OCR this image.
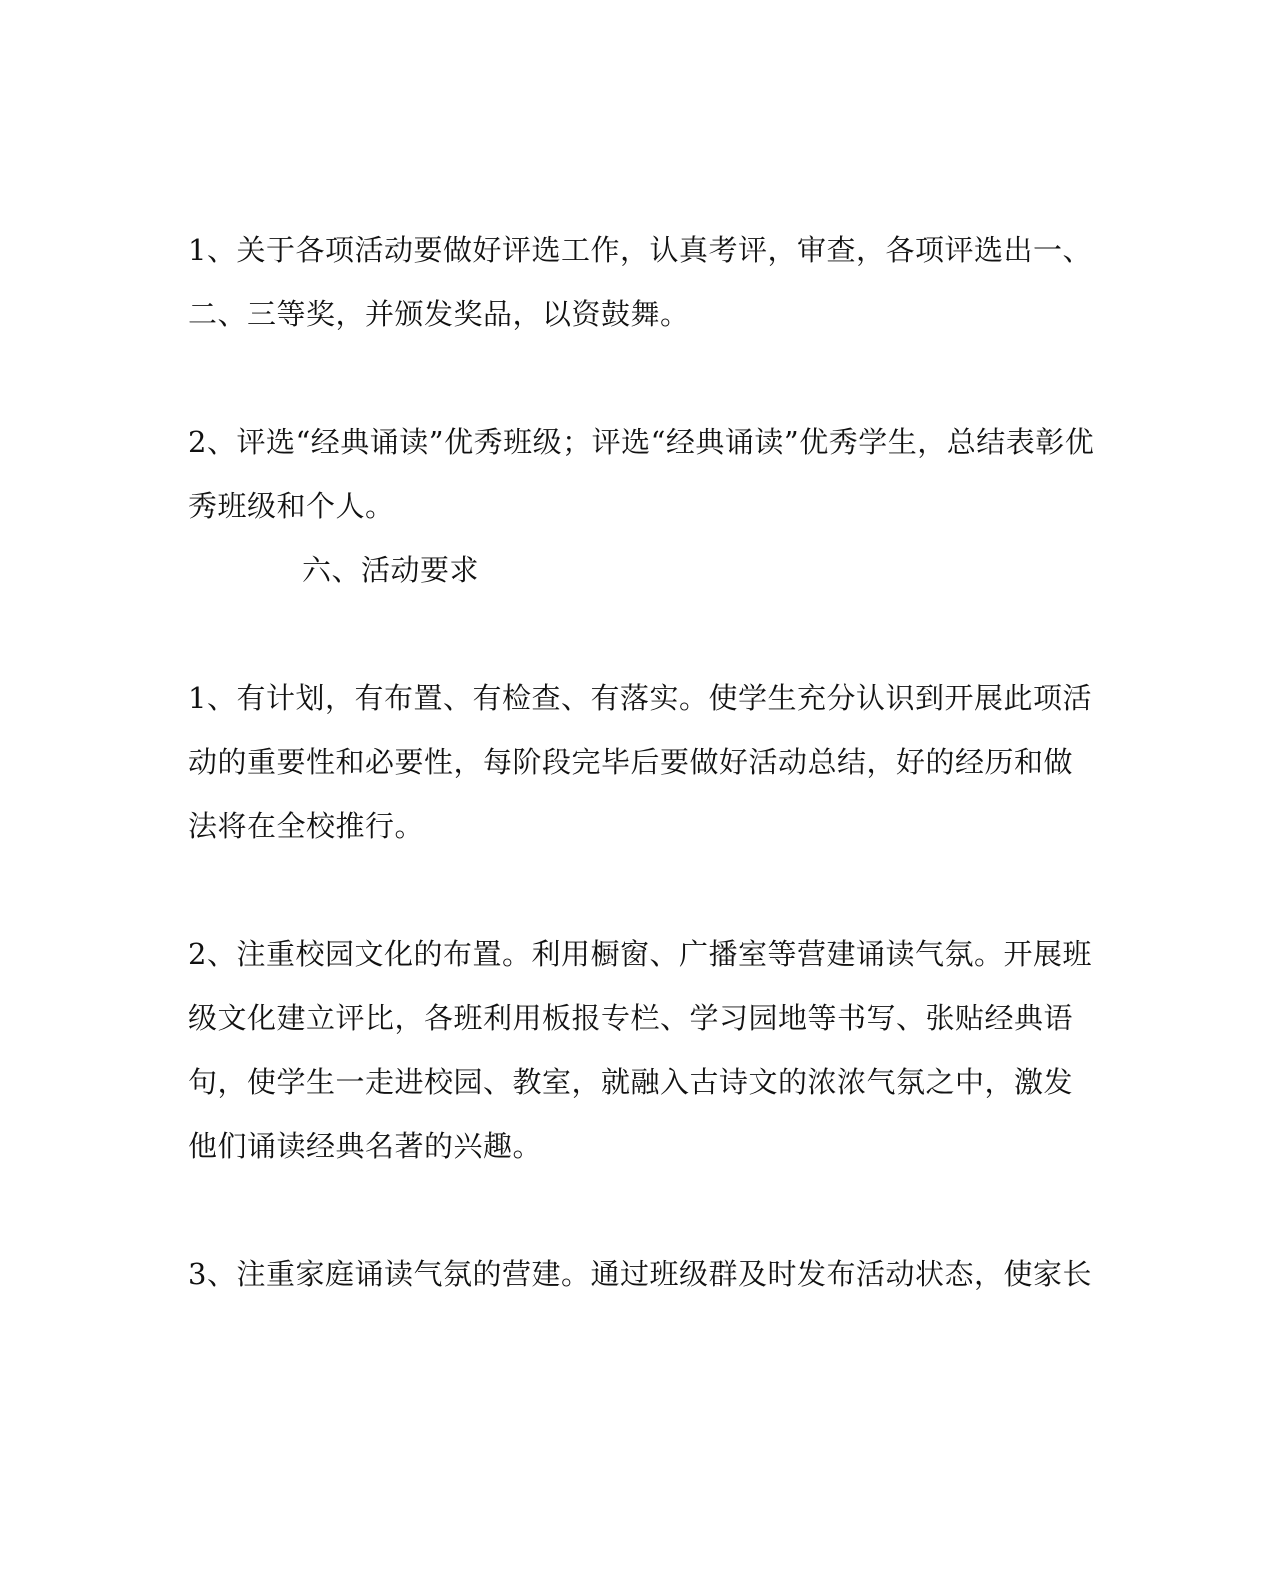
1、关于各项活动要做好评选工作，认真考评，审查，各项评选出一、
二、三等奖，并颁发奖品，以资鼓舞。
2、评选“经典诵读”优秀班级；评选“经典诵读”优秀学生，总结表彰优
秀班级和个人。
六、活动要求
1、有计划，有布置、有检查、有落实。使学生充分认识到开展此项活
动的重要性和必要性，每阶段完毕后要做好活动总结，好的经历和做
法将在全校推行。
2、注重校园文化的布置。利用橱窗、广播室等营建诵读气氛。开展班
级文化建立评比，各班利用板报专栏、学习园地等书写、张贴经典语
句，使学生一走进校园、教室，就融入古诗文的浓浓气氛之中，激发
他们诵读经典名著的兴趣。
3、注重家庭诵读气氛的营建。通过班级群及时发布活动状态，使家长
